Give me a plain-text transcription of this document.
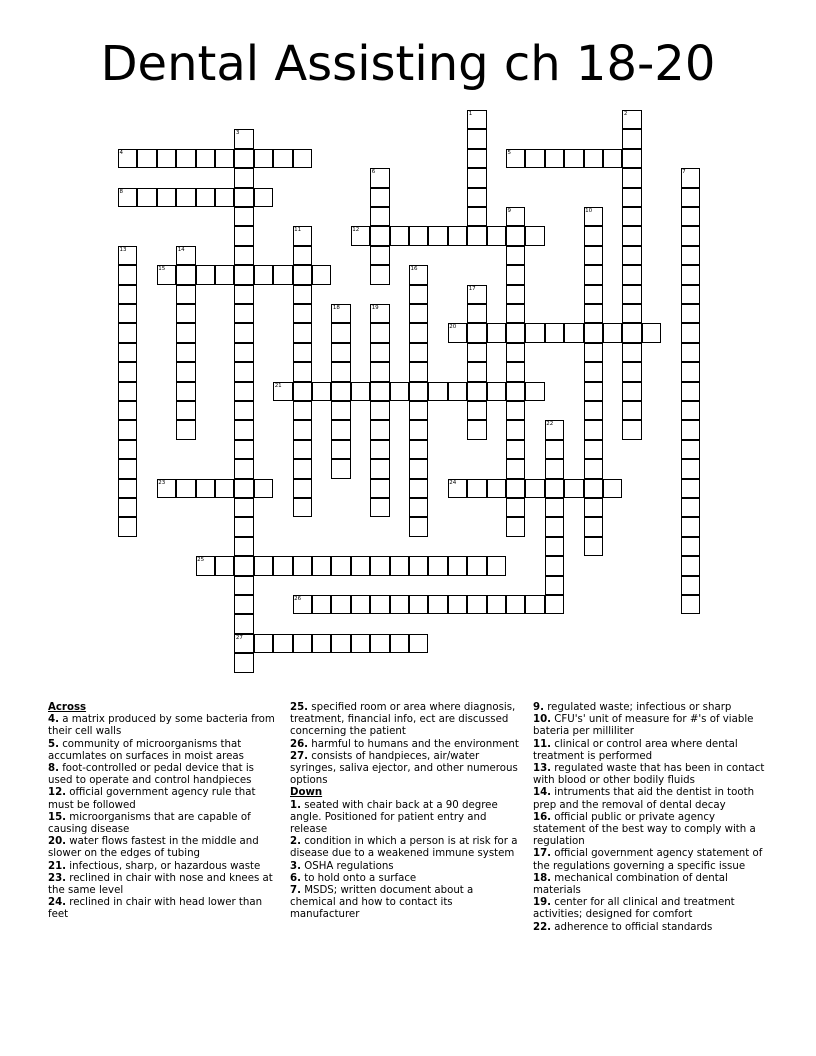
Dental Assisting ch 18-20
1	2
3
4	5
6	7
8
9	10
11	12
13	14
15	16
17
18	19
20
21
22
23	24
25
26
27
Across
4. a matrix produced by some bacteria from their cell walls
5. community of microorganisms that accumlates on surfaces in moist areas
8. foot-controlled or pedal device that is used to operate and control handpieces
12. official government agency rule that must be followed
15. microorganisms that are capable of causing disease
20. water flows fastest in the middle and slower on the edges of tubing
21. infectious, sharp, or hazardous waste
23. reclined in chair with nose and knees at the same level
24. reclined in chair with head lower than feet
25. specified room or area where diagnosis, treatment, financial info, ect are discussed concerning the patient
26. harmful to humans and the environment
27. consists of handpieces, air/water syringes, saliva ejector, and other numerous options
Down
1. seated with chair back at a 90 degree angle. Positioned for patient entry and release
2. condition in which a person is at risk for a disease due to a weakened immune system
3. OSHA regulations
6. to hold onto a surface
7. MSDS; written document about a chemical and how to contact its manufacturer
9. regulated waste; infectious or sharp
10. CFU's' unit of measure for #'s of viable bateria per milliliter
11. clinical or control area where dental treatment is performed
13. regulated waste that has been in contact with blood or other bodily fluids
14. intruments that aid the dentist in tooth prep and the removal of dental decay
16. official public or private agency statement of the best way to comply with a regulation
17. official government agency statement of the regulations governing a specific issue
18. mechanical combination of dental materials
19. center for all clinical and treatment activities; designed for comfort
22. adherence to official standards
